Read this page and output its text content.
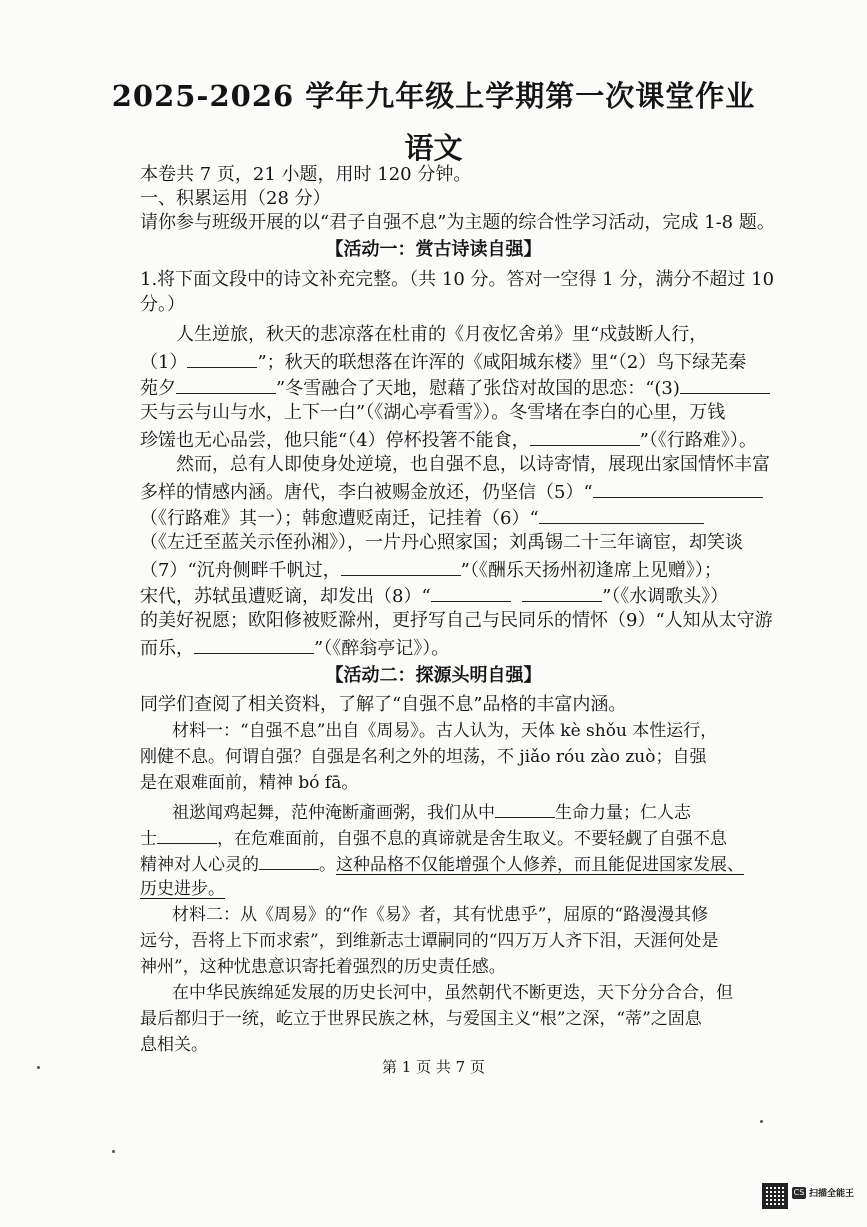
2025-2026 学年九年级上学期第一次课堂作业
语文
本卷共 7 页，21 小题，用时 120 分钟。
一、积累运用（28 分）
请你参与班级开展的以“君子自强不息”为主题的综合性学习活动，完成 1-8 题。
【活动一：赏古诗读自强】
1.将下面文段中的诗文补充完整。（共 10 分。答对一空得 1 分，满分不超过 10
分。）
人生逆旅，秋天的悲凉落在杜甫的《月夜忆舍弟》里“戍鼓断人行，
（1）	”；秋天的联想落在许浑的《咸阳城东楼》里“（2）鸟下绿芜秦
苑夕	”冬雪融合了天地，慰藉了张岱对故国的思恋：“(3)
天与云与山与水，上下一白”（《湖心亭看雪》）。冬雪堵在李白的心里，万钱
珍馐也无心品尝，他只能“（4）停杯投箸不能食，	”（《行路难》）。
然而，总有人即使身处逆境，也自强不息，以诗寄情，展现出家国情怀丰富
多样的情感内涵。唐代，李白被赐金放还，仍坚信（5）“
（《行路难》其一）；韩愈遭贬南迁，记挂着（6）“
（《左迁至蓝关示侄孙湘》），一片丹心照家国；刘禹锡二十三年谪宦，却笑谈
（7）“沉舟侧畔千帆过，	”（《酬乐天扬州初逢席上见赠》）；
宋代，苏轼虽遭贬谪，却发出（8）“	”（《水调歌头》）
的美好祝愿；欧阳修被贬滁州，更抒写自己与民同乐的情怀（9）“人知从太守游
而乐，	”（《醉翁亭记》）。
【活动二：探源头明自强】
同学们查阅了相关资料，了解了“自强不息”品格的丰富内涵。
材料一：“自强不息”出自《周易》。古人认为，天体 kè shǒu 本性运行，
刚健不息。何谓自强？自强是名利之外的坦荡，不 jiǎo róu zào zuò；自强
是在艰难面前，精神 bó fā。
祖逖闻鸡起舞，范仲淹断齑画粥，我们从中	生命力量；仁人志
士	，在危难面前，自强不息的真谛就是舍生取义。不要轻觑了自强不息
精神对人心灵的	。这种品格不仅能增强个人修养，而且能促进国家发展、
历史进步。
材料二：从《周易》的“作《易》者，其有忧患乎”，屈原的“路漫漫其修
远兮，吾将上下而求索”，到维新志士谭嗣同的“四万万人齐下泪，天涯何处是
神州”，这种忧患意识寄托着强烈的历史责任感。
在中华民族绵延发展的历史长河中，虽然朝代不断更迭，天下分分合合，但
最后都归于一统，屹立于世界民族之林，与爱国主义“根”之深，“蒂”之固息
息相关。
第 1 页 共 7 页
CS 扫描全能王
